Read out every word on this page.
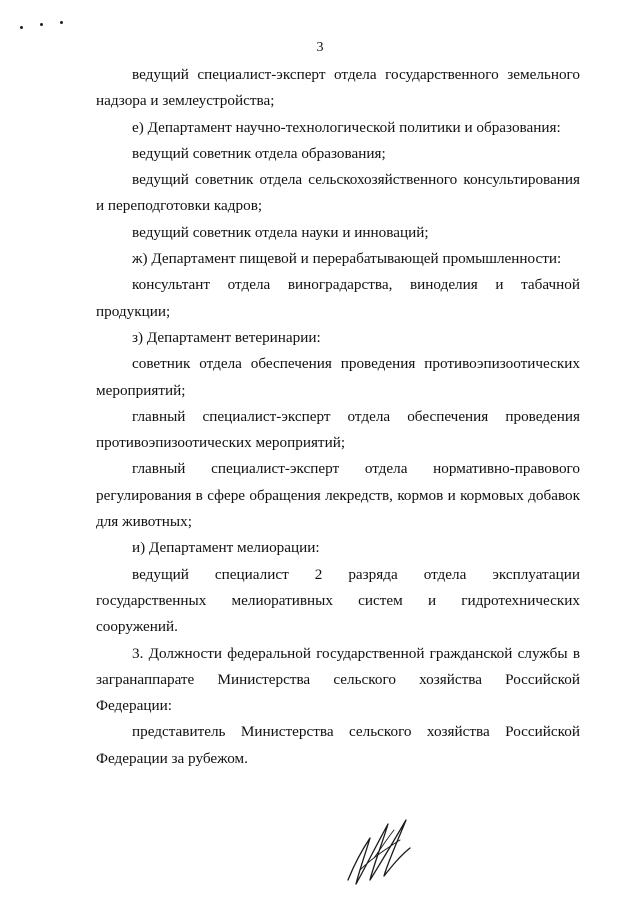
3

ведущий специалист-эксперт отдела государственного земельного надзора и землеустройства;

е) Департамент научно-технологической политики и образования:

ведущий советник отдела образования;

ведущий советник отдела сельскохозяйственного консультирования и переподготовки кадров;

ведущий советник отдела науки и инноваций;

ж) Департамент пищевой и перерабатывающей промышленности:

консультант отдела виноградарства, виноделия и табачной продукции;

з) Департамент ветеринарии:

советник отдела обеспечения проведения противоэпизоотических мероприятий;

главный специалист-эксперт отдела обеспечения проведения противоэпизоотических мероприятий;

главный специалист-эксперт отдела нормативно-правового регулирования в сфере обращения лекредств, кормов и кормовых добавок для животных;

и) Департамент мелиорации:

ведущий специалист 2 разряда отдела эксплуатации государственных мелиоративных систем и гидротехнических сооружений.

3. Должности федеральной государственной гражданской службы в загранаппарате Министерства сельского хозяйства Российской Федерации:

представитель Министерства сельского хозяйства Российской Федерации за рубежом.
